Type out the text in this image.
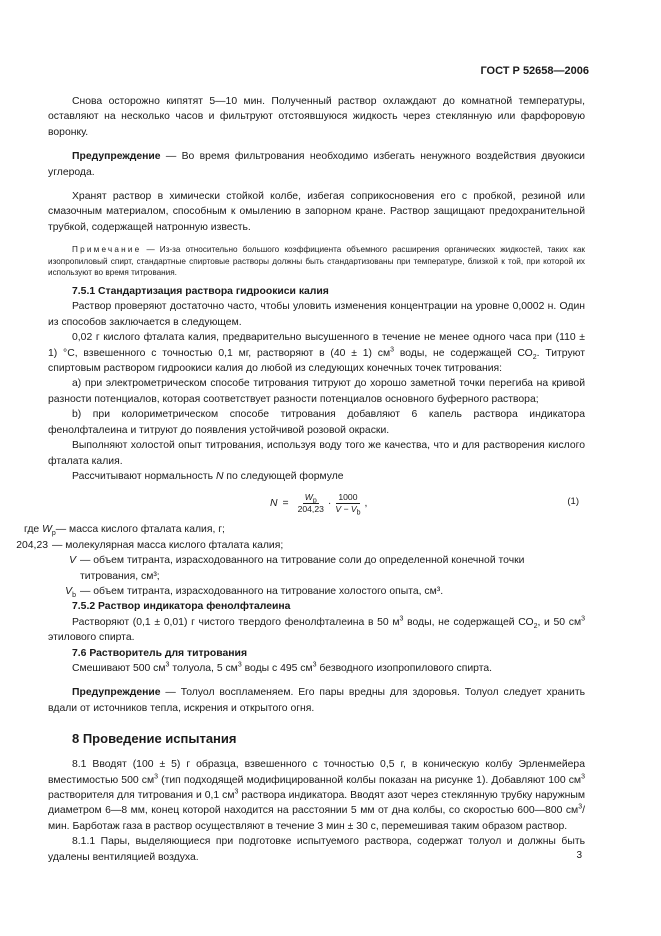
ГОСТ Р 52658—2006

Снова осторожно кипятят 5—10 мин. Полученный раствор охлаждают до комнатной температуры, оставляют на несколько часов и фильтруют отстоявшуюся жидкость через стеклянную или фарфоровую воронку.

Предупреждение — Во время фильтрования необходимо избегать ненужного воздействия двуокиси углерода.

Хранят раствор в химически стойкой колбе, избегая соприкосновения его с пробкой, резиной или смазочным материалом, способным к омылению в запорном кране. Раствор защищают предохранительной трубкой, содержащей натронную известь.

Примечание — Из-за относительно большого коэффициента объемного расширения органических жидкостей, таких как изопропиловый спирт, стандартные спиртовые растворы должны быть стандартизованы при температуре, близкой к той, при которой их используют во время титрования.
7.5.1 Стандартизация раствора гидроокиси калия

Раствор проверяют достаточно часто, чтобы уловить изменения концентрации на уровне 0,0002 н. Один из способов заключается в следующем.

0,02 г кислого фталата калия, предварительно высушенного в течение не менее одного часа при (110 ± 1) °С, взвешенного с точностью 0,1 мг, растворяют в (40 ± 1) $см^3$ воды, не содержащей $СО_2$. Титруют спиртовым раствором гидроокиси калия до любой из следующих конечных точек титрования:

а) при электрометрическом способе титрования титруют до хорошо заметной точки перегиба на кривой разности потенциалов, которая соответствует разности потенциалов основного буферного раствора;

b) при колориметрическом способе титрования добавляют 6 капель раствора индикатора фенолфталеина и титруют до появления устойчивой розовой окраски.

Выполняют холостой опыт титрования, используя воду того же качества, что и для растворения кислого фталата калия.

Рассчитывают нормальность N по следующей формуле

$N = \frac{W_p}{204,23} \cdot \frac{1000}{V - V_b}$ ,	(1)
где $W_p$ — масса кислого фталата калия, г;
204,23 — молекулярная масса кислого фталата калия;
V — объем титранта, израсходованного на титрование соли до определенной конечной точки титрования, см³;
$V_b$ — объем титранта, израсходованного на титрование холостого опыта, см³.
7.5.2 Раствор индикатора фенолфталеина

Растворяют (0,1 ± 0,01) г чистого твердого фенолфталеина в 50 $м^3$ воды, не содержащей $СО_2$, и 50 $см^3$ этилового спирта.

7.6 Растворитель для титрования

Смешивают 500 $см^3$ толуола, 5 $см^3$ воды с 495 $см^3$ безводного изопропилового спирта.

Предупреждение — Толуол воспламеняем. Его пары вредны для здоровья. Толуол следует хранить вдали от источников тепла, искрения и открытого огня.

8 Проведение испытания

8.1 Вводят (100 ± 5) г образца, взвешенного с точностью 0,5 г, в коническую колбу Эрленмейера вместимостью 500 $см^3$ (тип подходящей модифицированной колбы показан на рисунке 1). Добавляют 100 $см^3$ растворителя для титрования и 0,1 $см^3$ раствора индикатора. Вводят азот через стеклянную трубку наружным диаметром 6—8 мм, конец которой находится на расстоянии 5 мм от дна колбы, со скоростью 600—800 $см^3/$ мин. Барботаж газа в раствор осуществляют в течение 3 мин ± 30 с, перемешивая таким образом раствор.

8.1.1 Пары, выделяющиеся при подготовке испытуемого раствора, содержат толуол и должны быть удалены вентиляцией воздуха.	3
